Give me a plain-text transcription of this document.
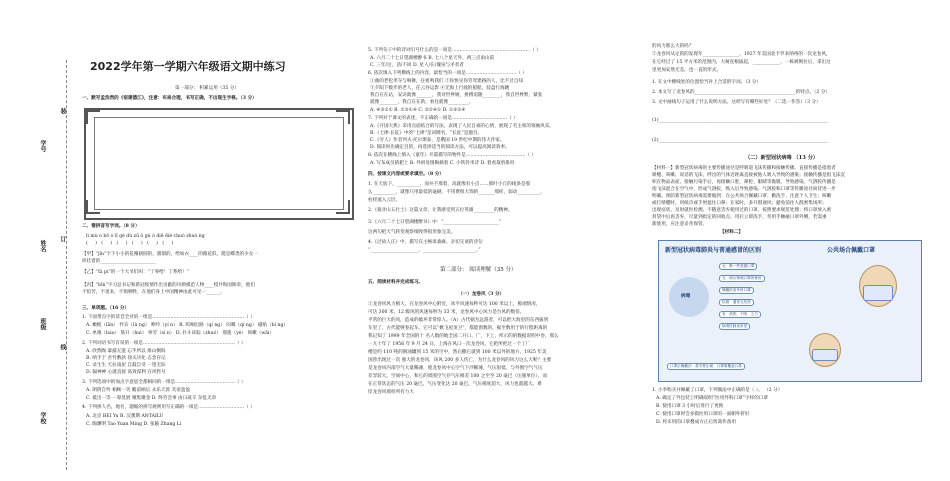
装
订
线
学号
姓名
班级
学校
2022学年第一学期六年级语文期中练习
第一部分： 积累运用（35 分）
一、默写孟浩然的《宿建德江》，注意：布局合理，书写正确，不出现生字格。（3 分）
二、看拼音写字词。（8 分）
lì mù o bō o lǐ gè dù zǔ ò gù ò diē dié chuò zhuò ng
(     )   (     )   (     )   (     )   (     )   (     )
【甲】“jǐn”字下小小的花瓣圆圆的，甜甜的，给如衣____的薇花似，挺是蝶类的少女一
样挂着的________________________
【乙】“fà pí”的一个大爷们叫：“丁零给！丁系给！”
【丙】“bīn”字习总书记和新冠疫情作出贡献的功勋模范人物____授共和国勋章，他们
不怕苦，不退来，不惧牺牲，在他们身上中国精神由此可见一______。
三、单项题。（16 分）
1. 下面带点字的读音全对的一组是……………………………………………………（ ）
A. 橄榄（lǎn） 件宾（lù ng） 呻吟（yí n） B. 呜咽出路（qí ng） 闷哪（qí ng） 磁贴（bì ng）
C. 单薄（báo） 筋开（huì） 事劳（sì n） D. 扑斗该踪（zhuó） 那拨（yè） 咳嗽（wāi）
2. 下列词语书写有误的一项是……………………………………………………（ ）
A. 欣然陶 暴露无遗 忘乎所以 排山倒海
B. 纳手于 吾忖敷款 徐夫功化 志念存记
C. 录生生 天拉南屋 自鼓自受 一望无际
D. 隔神神 心就直接 高效谋利 在风哲号
3. 下列选项中的加点字意思全都相同的一组是…………………………………（ ）
A. 朗阴自怜 相顾一笑 瞻前顾后 永乐天涯 笑语盈盈
C. 抵出一等 一筹莫展 聚集聚金 D. 终劳会事 由日咸辛 杂乱无章
4. 下列拼人名，地名，题缩的拼写规则用写正确的一项是…………………………（ ）
A. 北京 BEI Yu B. 汉薰期 ANTAILU
C. 陶渊明 Tao Yuan Ming D. 张颖 Zhang Li
5. 下列句子中的诗词引号什么的是一项是……………………………………………（ ）
A. 六月二十七日望湖楼醉书 B. 七八个星天外，两三点雨山前
C. 三年/这，话/不同 D. 星人/在/瑰泉与矛者者
6. 依次填入下列横线上的内容，最恰当的一项是……………………………（ ）
①曲的老松孝夺与响舞，任密鸣我们 ②你快见你劳驾建路的人，比不过自知
③夕阳下数步的老人，任云谷运影 ④无海上行驶的船船，驳盘行海跳
我自在在站，安详就像_______，我对世界嬉，拼搏追随________，我自世界繁，紧张
就像________，我自在在新，看往就像_________。
A. ④③②① B. ②③①④ C. ③②④① D. ①③②④
7. 下列对于课文的表述，不正确的一项是………………………………（ ）
A.《开国大典》采用点面结合的写法，表现了人民自豪的心情，展现了毛主席的领袖风采。
B.《七律·长征》中的“七律”是词牌名，“长征”是题目。
C.《穷人》作者列夫·托尔斯泰，是俄国 19 世纪中期的伟大作家。
D. 阅读时先确定目的，再选择适当的阅读方法，可以提高阅读效率。
8. 依次在横线上填入《童年》开篇描写的物件是…………………………………（ ）
A. 写布成员猜耙上 B. 外祖母围胸摘着 C. 小铁铃米诗 D. 着看裁剪排衫
四、按课文内容或要求填空。（8 分）
1. 在天底下，__________，而并不那着，高就像有小点……那叶小丘的线条是那
么__________，就像只用最低的毫刷，不用费很大饰的_______那样，弱动__________，
柱经流入云层。
2.《狼牙山五壮士》这篇文章，让我感受到五位英雄_________的精神。
3.《六月二十七日望湖楼醉书》中：“________________________”
这两句把天气转变观察细致得很形象完美。
4.《过故人庄》中，描写宾主畅谈桑麻、亲切交谈的诗句
“_____________________，_______________________。”
第二部分： 阅读理解（35 分）
五、阅读材料并完成练习。
（一）龙卷风（3 分）
①龙卷风风力极大，在龙卷风中心附近，冰平风速每秒可达 100 米以上，极端情况，
可达 300 米，12 级风的风速每秒为 33 米，龙卷风中心风力是台风的数倍。
平常的巨大的风，造成的破坏非常惊人。（A）古代据为远游者，可以把大海里的东西拔到
车里了，古代能够卷起车。它可以“掀飞屋顶卫”，都能窗数的，据至数用于的行程距离的
我记知了 1999 年全国的十 名人数的地全国二开口，广，下上，所示的的数据说明中卷，那么
一九十年了 1956 年 9 月 24 日，上海在风口一次龙卷风，它把所把过一个工厂
楼是约 110 吨的钢油罐到 15 米的空中，然后撒它就到 100 米以外的地方，1925 年美
国曾出现过一次 强大的龙卷风，该风 200 多人伤亡，为什么龙卷风的风力这么大呢？主要
是龙卷风内部空气大量稀薄，使龙卷风中心空气下沙稀薄，气压很低，与外围空气气压
差异较大。空间中心，和它的周围空气存气压相差 100 之至至 20 毫巴（压强单位）。而
在正常状态的气压 20 毫巴，气压变化达 20 毫巴，气压梯度超大，风力也就越大。难
怪龙卷风那样所有力大
的风力那么大的吗？
②龙卷风从定的的发现年________________，1927 年美国北卡罗来纳州的一次龙卷风，
在它经过了 15 平方米的范围内，大树连根拔起，____________，一栋被吸拉后，拿出这
里更加安然无恙，也一直的形式。
1. 在文中横线处的位置恰当补上合适的字词。（3 分）
2. 本文写了龙卷风的____________________________________________的特点。（2 分）
3. 文中画线句子运用了什么说明方法，这样写有哪些好处？（二选一作答）（3 分）
(1)__________________________________________________________________________
(2)__________________________________________________________________________
（二）新型冠状病毒 （13 分）
【材料一】新型冠状病毒的主要传播途径是呼吸道飞沫传播和接触传播。直接传播是指患者
喷嚏、咳嗽、说话的飞沫，呼出的气体近距离直接被他人吸入导致的感染；接触传播是指飞沫沉
积在物品表面，接触污染手后，再接触口腔、鼻腔、眼睛等黏膜，导致感染。气溶胶传播是
指飞沫混合在空气中，形成气溶胶，吸入后导致感染。气溶胶和口罩等传播途径尚待进一步
明确。预防新型冠状病毒需要做到：在公共场合佩戴口罩；勤洗手，注意个人卫生；咳嗽
或打喷嚏时，用纸巾或手肘遮住口鼻；在家时，多开窗通风；避免前往人群密集场所；
出现症状，及时就医检测。不随意丢弃使用过的口罩，按照要求规范处理；将口罩放入密
封袋中后再丢弃，尽量到指定的回收点。用后立即洗手，勿用手触碰口罩外侧，若需重
新使用，应注意妥善保管。
【材料二】
新型冠状病毒肺炎与普通感冒的区别	公共场合佩戴口罩
病毒
无：吸一些普通口罩
无：明示物理口罩的使用
佩戴医用外科口罩
轻微：通常无发热
有：高热、干咳、乏力
病毒性肺炎常见
口罩正确戴法：鼻夹要压紧，口罩要覆盖口鼻
1. 小李购买并佩戴了口罩，下列做法中正确的是（ ）。 （2 分）
A. 确定了外包装上明确说明“医用外科口罩”字样的口罩
B. 使用口罩 3 小时后进行了更换
C. 使用口罩时会多摸医用口罩的一面朝外折好
D. 将未用的口罩叠成方正后剪裁作备用
